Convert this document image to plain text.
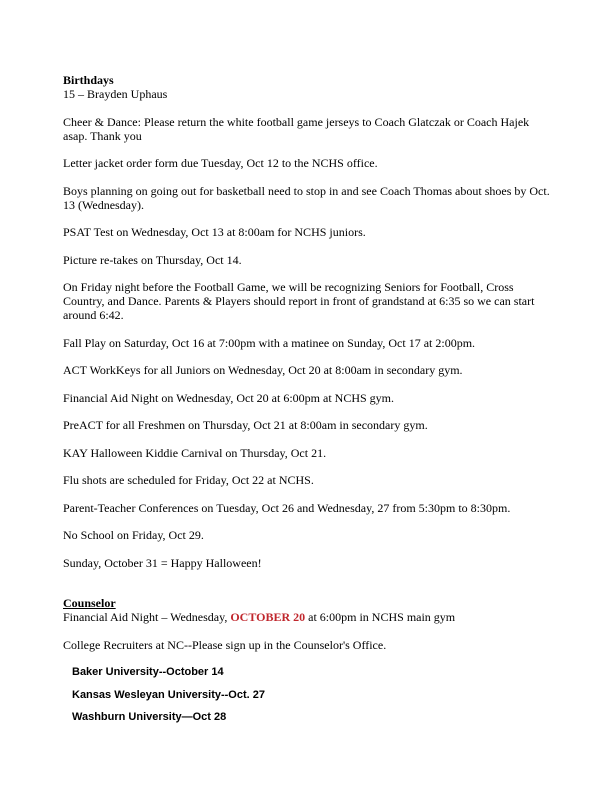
Birthdays
15 – Brayden Uphaus
Cheer & Dance: Please return the white football game jerseys to Coach Glatczak or Coach Hajek asap. Thank you
Letter jacket order form due Tuesday, Oct 12 to the NCHS office.
Boys planning on going out for basketball need to stop in and see Coach Thomas about shoes by Oct. 13 (Wednesday).
PSAT Test on Wednesday, Oct 13 at 8:00am for NCHS juniors.
Picture re-takes on Thursday, Oct 14.
On Friday night before the Football Game, we will be recognizing Seniors for Football, Cross Country, and Dance. Parents & Players should report in front of grandstand at 6:35 so we can start around 6:42.
Fall Play on Saturday, Oct 16 at 7:00pm with a matinee on Sunday, Oct 17 at 2:00pm.
ACT WorkKeys for all Juniors on Wednesday, Oct 20 at 8:00am in secondary gym.
Financial Aid Night on Wednesday, Oct 20 at 6:00pm at NCHS gym.
PreACT for all Freshmen on Thursday, Oct 21 at 8:00am in secondary gym.
KAY Halloween Kiddie Carnival on Thursday, Oct 21.
Flu shots are scheduled for Friday, Oct 22 at NCHS.
Parent-Teacher Conferences on Tuesday, Oct 26 and Wednesday, 27 from 5:30pm to 8:30pm.
No School on Friday, Oct 29.
Sunday, October 31 = Happy Halloween!
Counselor
Financial Aid Night – Wednesday, OCTOBER 20 at 6:00pm in NCHS main gym
College Recruiters at NC--Please sign up in the Counselor's Office.
Baker University--October 14
Kansas Wesleyan University--Oct. 27
Washburn University—Oct 28
